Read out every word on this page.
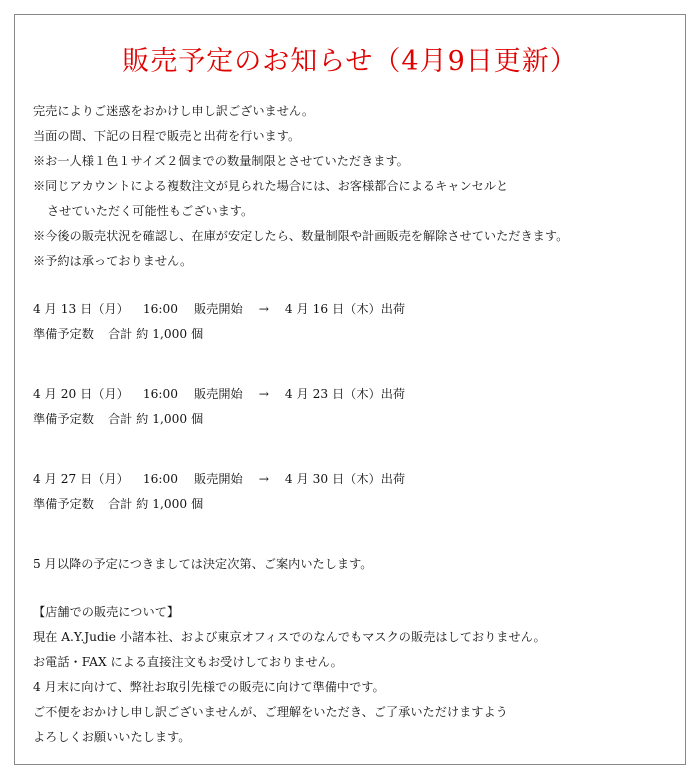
販売予定のお知らせ（4月9日更新）
完売によりご迷惑をおかけし申し訳ございません。
当面の間、下記の日程で販売と出荷を行います。
※お一人様１色１サイズ２個までの数量制限とさせていただきます。
※同じアカウントによる複数注文が見られた場合には、お客様都合によるキャンセルと
させていただく可能性もございます。
※今後の販売状況を確認し、在庫が安定したら、数量制限や計画販売を解除させていただきます。
※予約は承っておりません。
4 月 13 日（月） 16:00 販売開始 → 4 月 16 日（木）出荷
準備予定数 合計 約 1,000 個
4 月 20 日（月） 16:00 販売開始 → 4 月 23 日（木）出荷
準備予定数 合計 約 1,000 個
4 月 27 日（月） 16:00 販売開始 → 4 月 30 日（木）出荷
準備予定数 合計 約 1,000 個
5 月以降の予定につきましては決定次第、ご案内いたします。
【店舗での販売について】
現在 A.Y.Judie 小諸本社、および東京オフィスでのなんでもマスクの販売はしておりません。
お電話・FAX による直接注文もお受けしておりません。
4 月末に向けて、弊社お取引先様での販売に向けて準備中です。
ご不便をおかけし申し訳ございませんが、ご理解をいただき、ご了承いただけますよう
よろしくお願いいたします。
